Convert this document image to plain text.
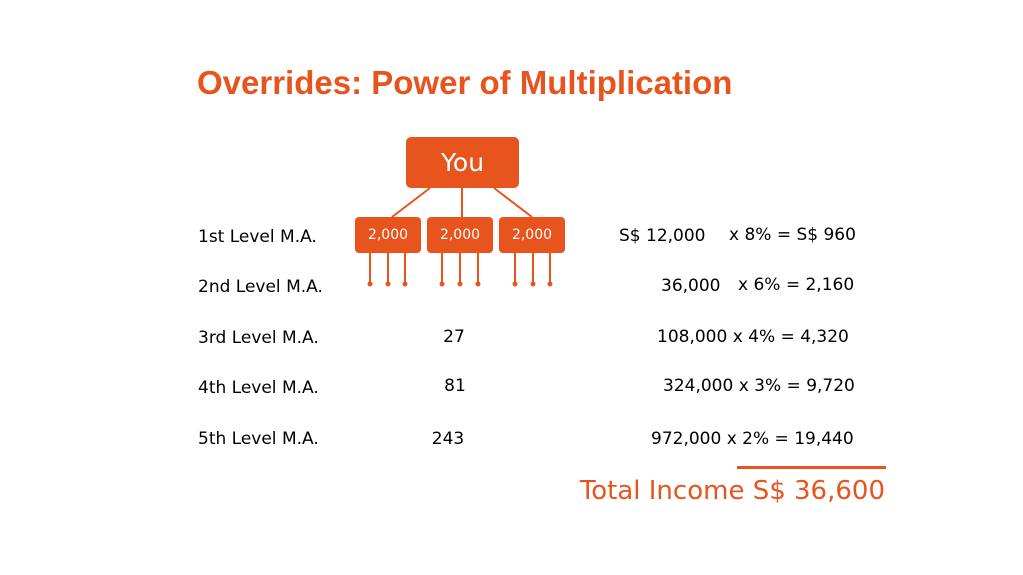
Overrides: Power of Multiplication
You
2,000	2,000	2,000
1st Level M.A.
2nd Level M.A.
3rd Level M.A.
4th Level M.A.
5th Level M.A.
27
81
243
S$ 12,000 x 8% = S$ 960
36,000 x 6% = 2,160
108,000 x 4% = 4,320
324,000 x 3% = 9,720
972,000 x 2% = 19,440
Total Income S$ 36,600
